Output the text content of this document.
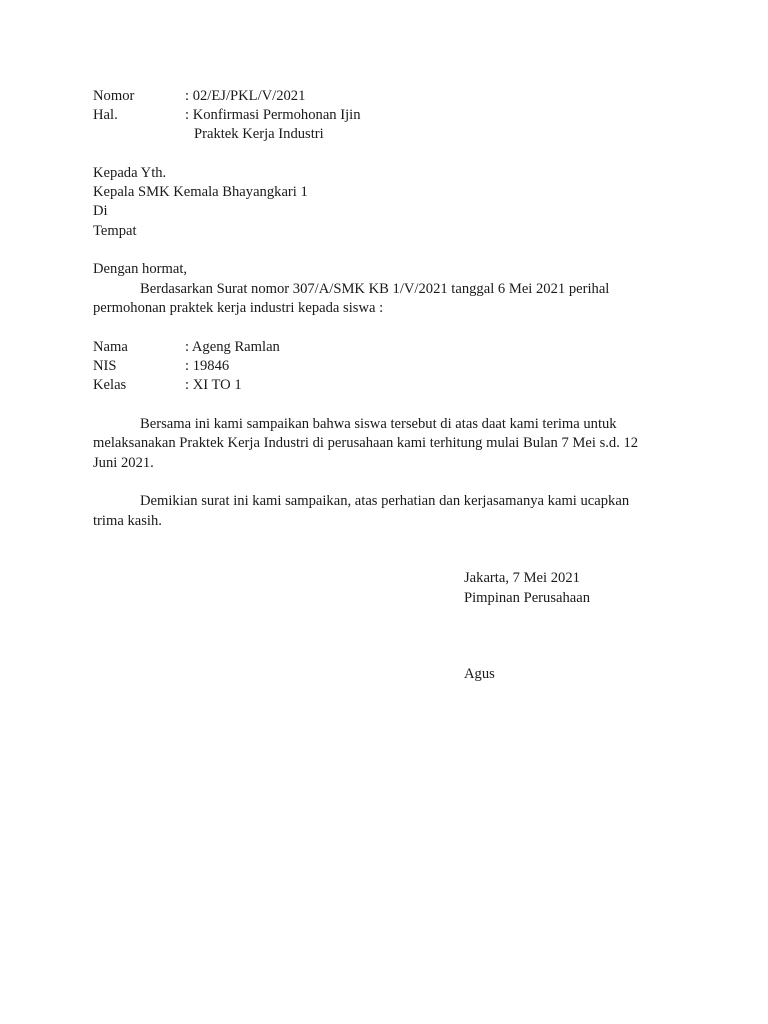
Nomor	: 02/EJ/PKL/V/2021
Hal.	: Konfirmasi Permohonan Ijin
Praktek Kerja Industri
Kepada Yth.
Kepala SMK Kemala Bhayangkari 1
Di
Tempat
Dengan hormat,
Berdasarkan Surat nomor 307/A/SMK KB 1/V/2021 tanggal 6 Mei 2021 perihal
permohonan praktek kerja industri kepada siswa :
Nama	: Ageng Ramlan
NIS	: 19846
Kelas	: XI TO 1
Bersama ini kami sampaikan bahwa siswa tersebut di atas daat kami terima untuk
melaksanakan Praktek Kerja Industri di perusahaan kami terhitung mulai Bulan 7 Mei s.d. 12
Juni 2021.
Demikian surat ini kami sampaikan, atas perhatian dan kerjasamanya kami ucapkan
trima kasih.
Jakarta, 7 Mei 2021
Pimpinan Perusahaan
Agus
